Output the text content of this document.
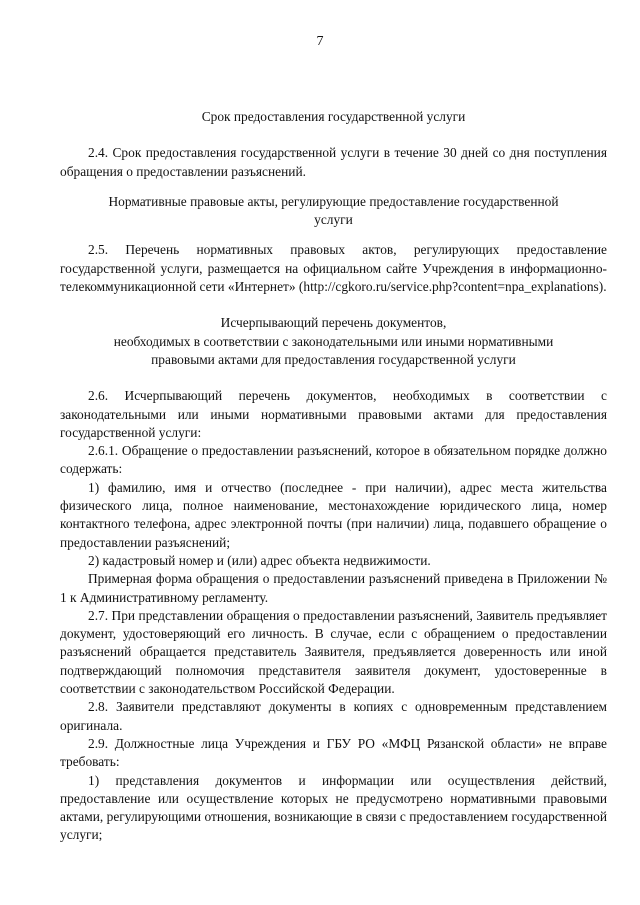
7

Срок предоставления государственной услуги

2.4. Срок предоставления государственной услуги в течение 30 дней со дня поступления обращения о предоставлении разъяснений.

Нормативные правовые акты, регулирующие предоставление государственной
услуги

2.5. Перечень нормативных правовых актов, регулирующих предоставление государственной услуги, размещается на официальном сайте Учреждения в информационно-телекоммуникационной сети «Интернет» (http://cgkoro.ru/service.php?content=npa_explanations).

Исчерпывающий перечень документов,
необходимых в соответствии с законодательными или иными нормативными
правовыми актами для предоставления государственной услуги

2.6. Исчерпывающий перечень документов, необходимых в соответствии с законодательными или иными нормативными правовыми актами для предоставления государственной услуги:

2.6.1. Обращение о предоставлении разъяснений, которое в обязательном порядке должно содержать:

1) фамилию, имя и отчество (последнее - при наличии), адрес места жительства физического лица, полное наименование, местонахождение юридического лица, номер контактного телефона, адрес электронной почты (при наличии) лица, подавшего обращение о предоставлении разъяснений;

2) кадастровый номер и (или) адрес объекта недвижимости.

Примерная форма обращения о предоставлении разъяснений приведена в Приложении № 1 к Административному регламенту.

2.7. При представлении обращения о предоставлении разъяснений, Заявитель предъявляет документ, удостоверяющий его личность. В случае, если с обращением о предоставлении разъяснений обращается представитель Заявителя, предъявляется доверенность или иной подтверждающий полномочия представителя заявителя документ, удостоверенные в соответствии с законодательством Российской Федерации.

2.8. Заявители представляют документы в копиях с одновременным представлением оригинала.

2.9. Должностные лица Учреждения и ГБУ РО «МФЦ Рязанской области» не вправе требовать:

1) представления документов и информации или осуществления действий, предоставление или осуществление которых не предусмотрено нормативными правовыми актами, регулирующими отношения, возникающие в связи с предоставлением государственной услуги;
